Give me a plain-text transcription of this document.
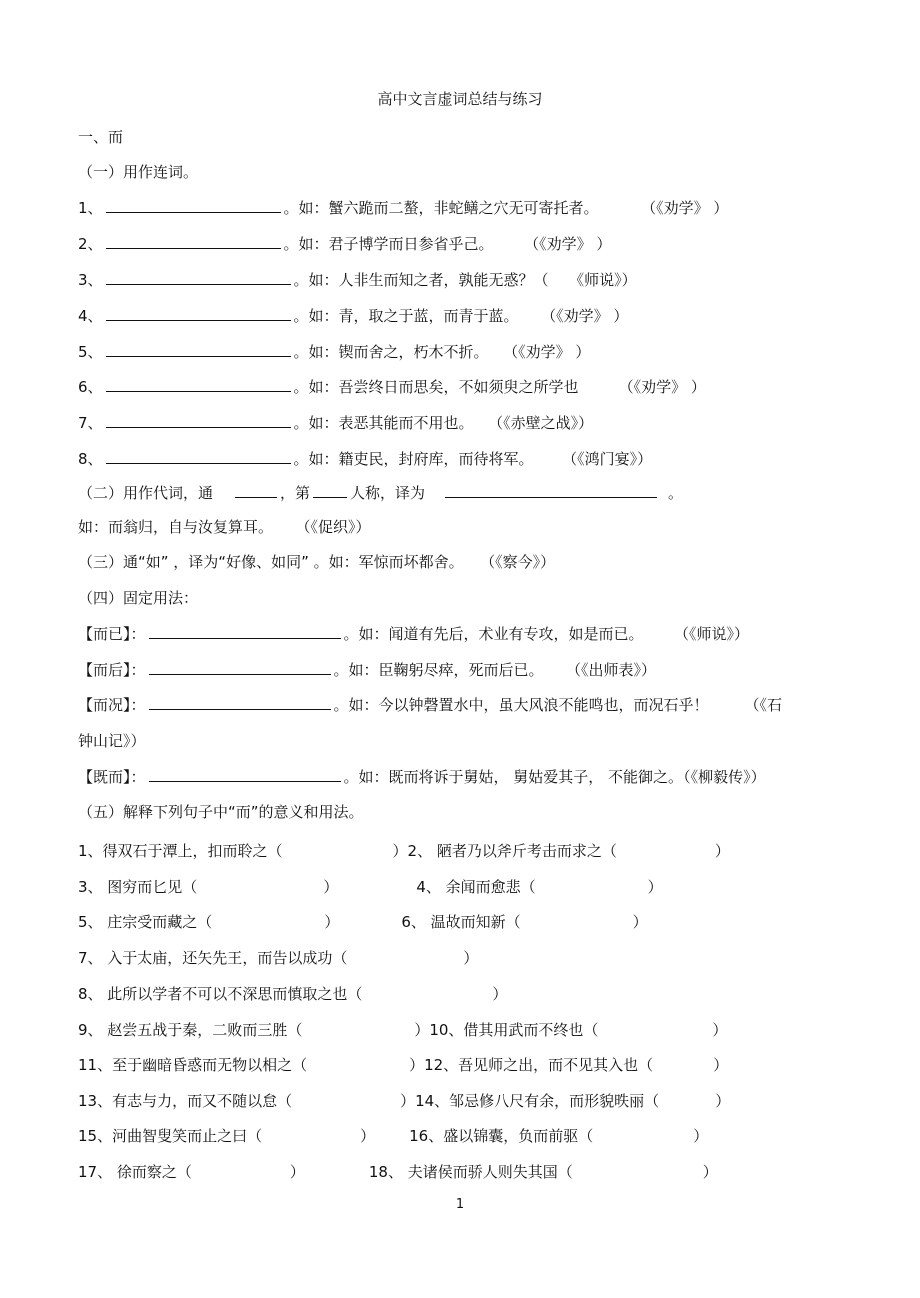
高中文言虚词总结与练习
一、而
（一）用作连词。
1、	。如：蟹六跪而二螯，非蛇鳝之穴无可寄托者。	（《劝学》 ）
2、	。如：君子博学而日参省乎己。	（《劝学》 ）
3、	。如：人非生而知之者，孰能无惑？（ 《师说》）
4、	。如：青，取之于蓝，而青于蓝。 （《劝学》 ）
5、	。如：锲而舍之，朽木不折。 （《劝学》 ）
6、	。如：吾尝终日而思矣，不如须臾之所学也	（《劝学》 ）
7、	。如：表恶其能而不用也。 （《赤壁之战》）
8、	。如：籍吏民，封府库，而待将军。 （《鸿门宴》）
（二）用作代词，通	，第	人称，译为	。
如：而翁归，自与汝复算耳。 （《促织》）
（三）通“如” ，译为“好像、如同” 。如：军惊而坏都舍。 （《察今》）
（四）固定用法：
【而已】：	。如：闻道有先后，术业有专攻，如是而已。	（《师说》）
【而后】：	。如：臣鞠躬尽瘁，死而后已。 （《出师表》）
【而况】：	。如：今以钟磬置水中，虽大风浪不能鸣也，而况石乎！ （《石
钟山记》）
【既而】：	。如：既而将诉于舅姑， 舅姑爱其子， 不能御之。（《柳毅传》）
（五）解释下列句子中“而”的意义和用法。
1、得双石于潭上，扣而聆之（	）2、 陋者乃以斧斤考击而求之（	）
3、 图穷而匕见（	）	4、 余闻而愈悲（	）
5、 庄宗受而藏之（	）	6、 温故而知新（	）
7、 入于太庙，还矢先王，而告以成功（	）
8、 此所以学者不可以不深思而慎取之也（	）
9、 赵尝五战于秦，二败而三胜（	）10、借其用武而不终也（	）
11、至于幽暗昏惑而无物以相之（	）12、吾见师之出，而不见其入也（	）
13、有志与力，而又不随以怠（	）14、邹忌修八尺有余，而形貌昳丽（	）
15、河曲智叟笑而止之曰（	） 16、盛以锦囊，负而前驱（	）
17、 徐而察之（	）	18、 夫诸侯而骄人则失其国（	）
1
